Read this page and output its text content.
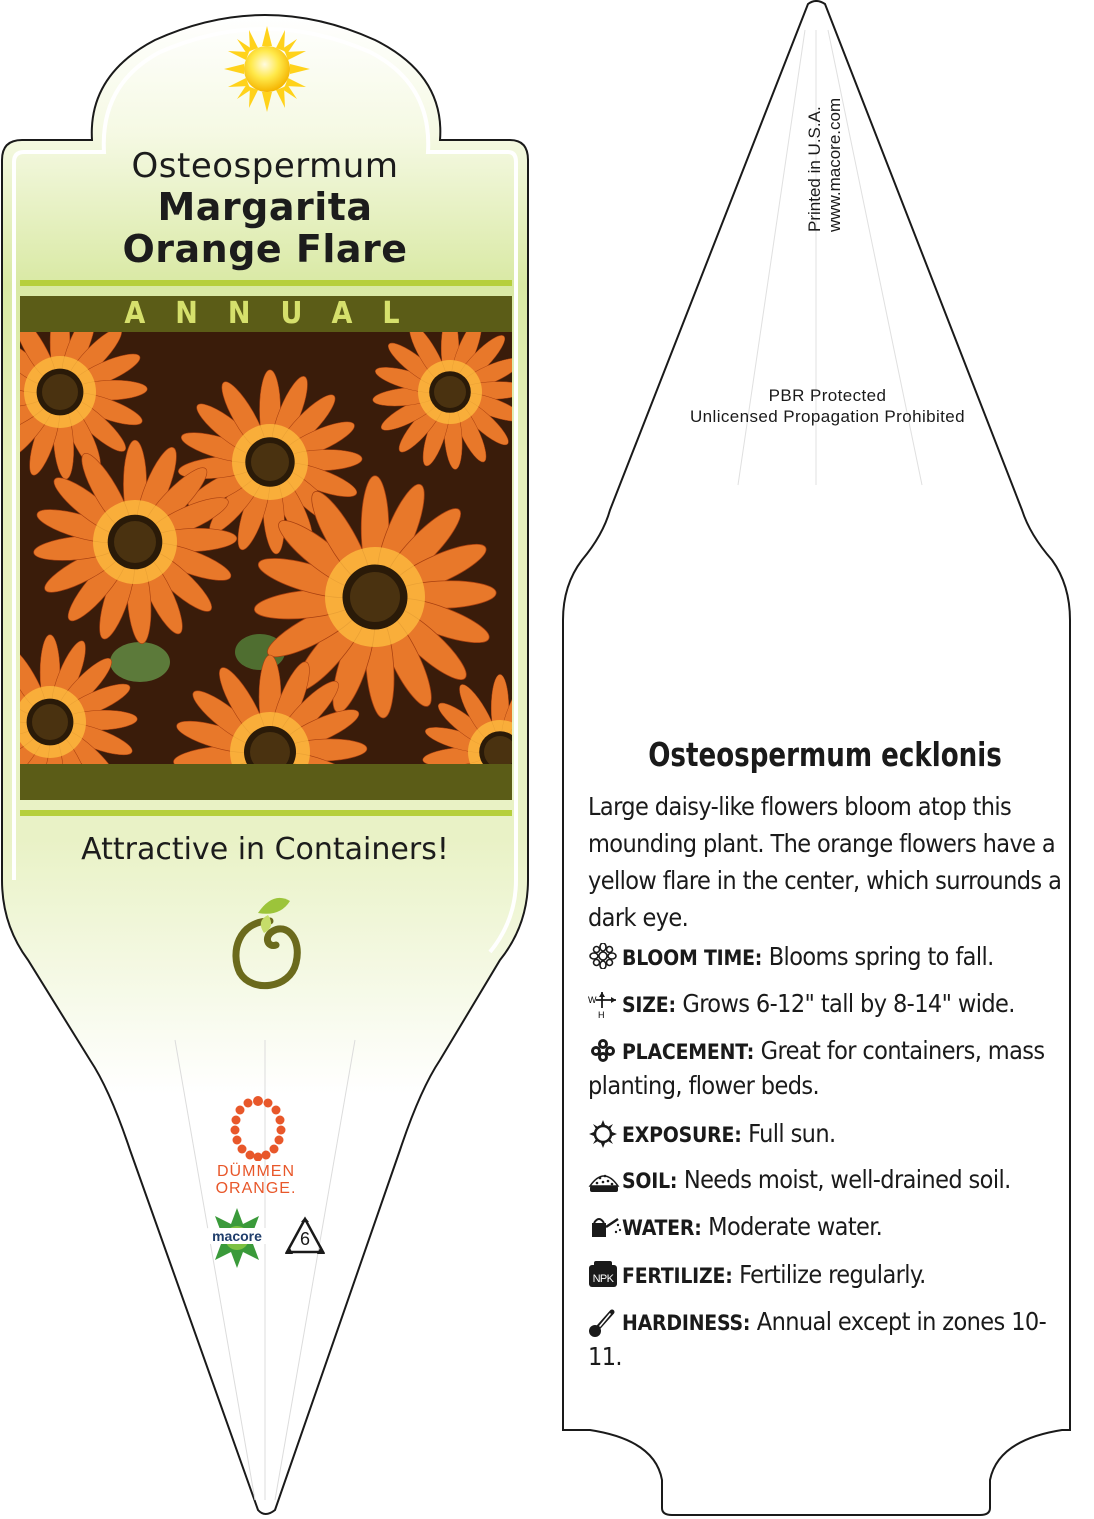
Osteospermum
Margarita
Orange Flare
ANNUAL
Attractive in Containers!
DÜMMEN
ORANGE.
macore	6
Printed in U.S.A. www.macore.com
PBR Protected
Unlicensed Propagation Prohibited
Osteospermum ecklonis
Large daisy-like flowers bloom atop this mounding plant. The orange flowers have a yellow flare in the center, which surrounds a dark eye.
BLOOM TIME: Blooms spring to fall.
W
H SIZE: Grows 6-12" tall by 8-14" wide.
PLACEMENT: Great for containers, mass planting, flower beds.
EXPOSURE: Full sun.
SOIL: Needs moist, well-drained soil.
WATER: Moderate water.
NPK FERTILIZE: Fertilize regularly.
HARDINESS: Annual except in zones 10-11.
